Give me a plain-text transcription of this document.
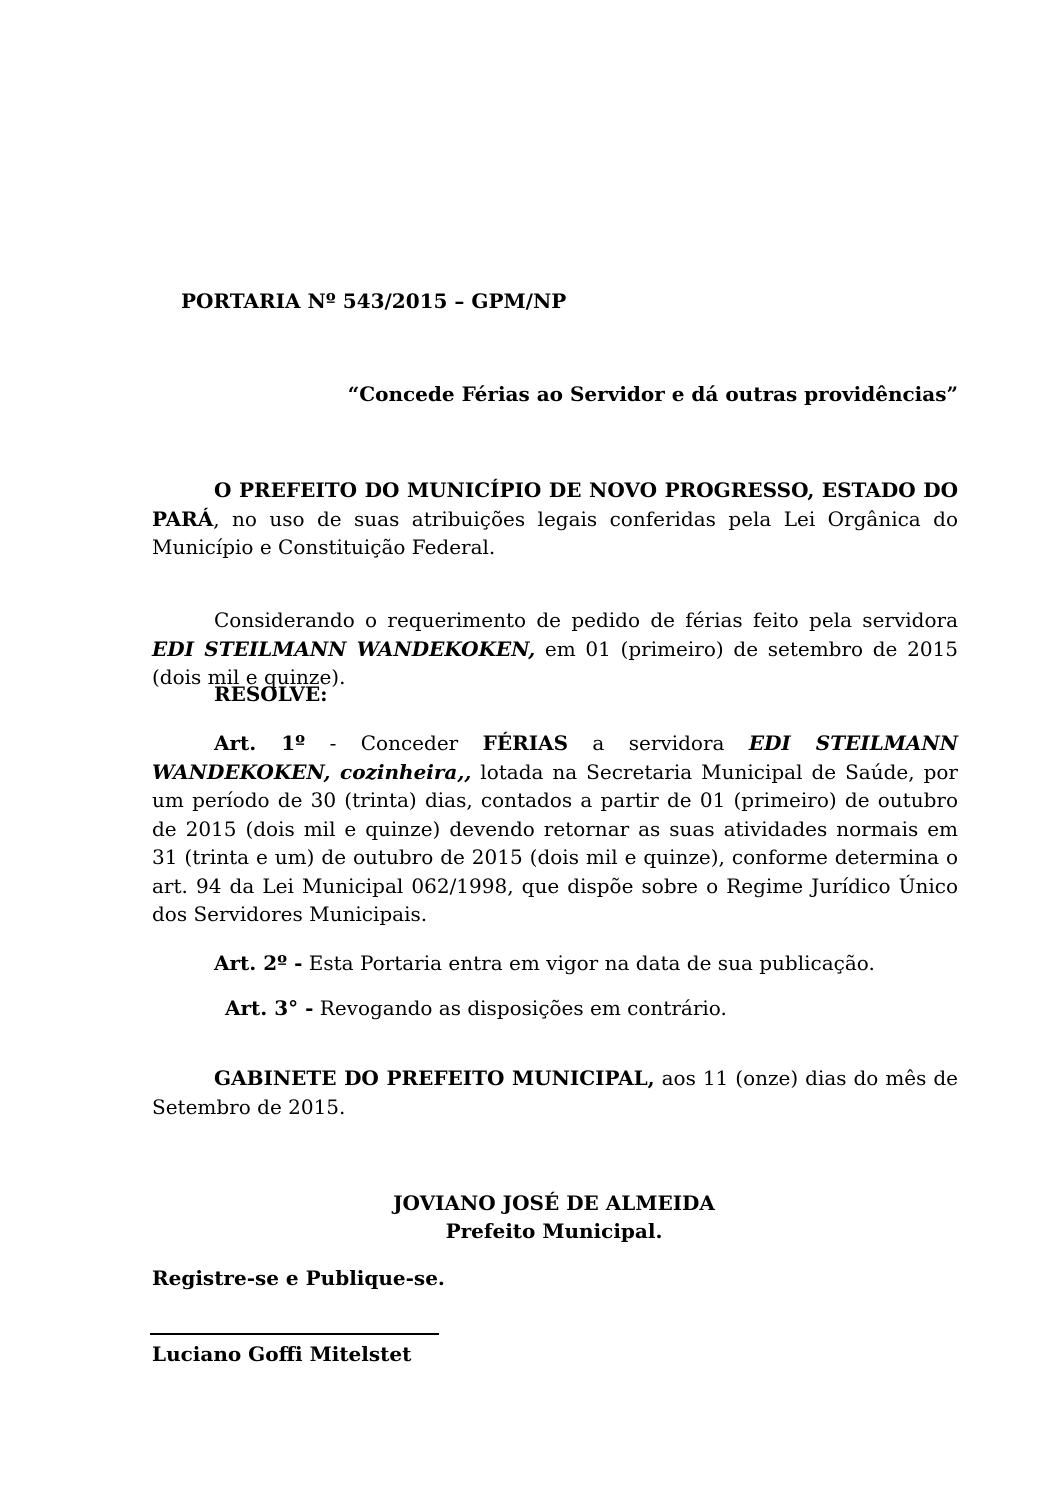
PORTARIA Nº 543/2015 – GPM/NP
“Concede Férias ao Servidor e dá outras providências”

O PREFEITO DO MUNICÍPIO DE NOVO PROGRESSO, ESTADO DO PARÁ, no uso de suas atribuições legais conferidas pela Lei Orgânica do Município e Constituição Federal.

Considerando o requerimento de pedido de férias feito pela servidora EDI STEILMANN WANDEKOKEN, em 01 (primeiro) de setembro de 2015 (dois mil e quinze).

RESOLVE:

Art. 1º - Conceder FÉRIAS a servidora EDI STEILMANN WANDEKOKEN, cozinheira,, lotada na Secretaria Municipal de Saúde, por um período de 30 (trinta) dias, contados a partir de 01 (primeiro) de outubro de 2015 (dois mil e quinze) devendo retornar as suas atividades normais em 31 (trinta e um) de outubro de 2015 (dois mil e quinze), conforme determina o art. 94 da Lei Municipal 062/1998, que dispõe sobre o Regime Jurídico Único dos Servidores Municipais.

Art. 2º - Esta Portaria entra em vigor na data de sua publicação.

Art. 3° - Revogando as disposições em contrário.

GABINETE DO PREFEITO MUNICIPAL, aos 11 (onze) dias do mês de Setembro de 2015.

JOVIANO JOSÉ DE ALMEIDA
Prefeito Municipal.

Registre-se e Publique-se.

Luciano Goffi Mitelstet
